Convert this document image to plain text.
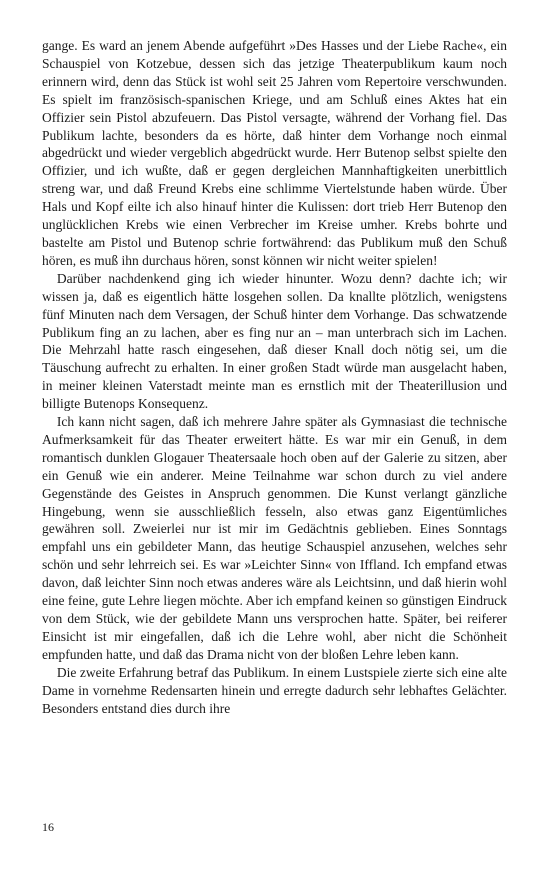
gange. Es ward an jenem Abende aufgeführt »Des Hasses und der Liebe Rache«, ein Schauspiel von Kotzebue, dessen sich das jetzige Theaterpublikum kaum noch erinnern wird, denn das Stück ist wohl seit 25 Jahren vom Repertoire verschwunden. Es spielt im französisch-spanischen Kriege, und am Schluß eines Aktes hat ein Offizier sein Pistol abzufeuern. Das Pistol versagte, während der Vorhang fiel. Das Publikum lachte, besonders da es hörte, daß hinter dem Vorhange noch einmal abgedrückt und wieder vergeblich abgedrückt wurde. Herr Butenop selbst spielte den Offizier, und ich wußte, daß er gegen dergleichen Mannhaftigkeiten unerbittlich streng war, und daß Freund Krebs eine schlimme Viertelstunde haben würde. Über Hals und Kopf eilte ich also hinauf hinter die Kulissen: dort trieb Herr Butenop den unglücklichen Krebs wie einen Verbrecher im Kreise umher. Krebs bohrte und bastelte am Pistol und Butenop schrie fortwährend: das Publikum muß den Schuß hören, es muß ihn durchaus hören, sonst können wir nicht weiter spielen!

Darüber nachdenkend ging ich wieder hinunter. Wozu denn? dachte ich; wir wissen ja, daß es eigentlich hätte losgehen sollen. Da knallte plötzlich, wenigstens fünf Minuten nach dem Versagen, der Schuß hinter dem Vorhange. Das schwatzende Publikum fing an zu lachen, aber es fing nur an – man unterbrach sich im Lachen. Die Mehrzahl hatte rasch eingesehen, daß dieser Knall doch nötig sei, um die Täuschung aufrecht zu erhalten. In einer großen Stadt würde man ausgelacht haben, in meiner kleinen Vaterstadt meinte man es ernstlich mit der Theaterillusion und billigte Butenops Konsequenz.

Ich kann nicht sagen, daß ich mehrere Jahre später als Gymnasiast die technische Aufmerksamkeit für das Theater erweitert hätte. Es war mir ein Genuß, in dem romantisch dunklen Glogauer Theatersaale hoch oben auf der Galerie zu sitzen, aber ein Genuß wie ein anderer. Meine Teilnahme war schon durch zu viel andere Gegenstände des Geistes in Anspruch genommen. Die Kunst verlangt gänzliche Hingebung, wenn sie ausschließlich fesseln, also etwas ganz Eigentümliches gewähren soll. Zweierlei nur ist mir im Gedächtnis geblieben. Eines Sonntags empfahl uns ein gebildeter Mann, das heutige Schauspiel anzusehen, welches sehr schön und sehr lehrreich sei. Es war »Leichter Sinn« von Iffland. Ich empfand etwas davon, daß leichter Sinn noch etwas anderes wäre als Leichtsinn, und daß hierin wohl eine feine, gute Lehre liegen möchte. Aber ich empfand keinen so günstigen Eindruck von dem Stück, wie der gebildete Mann uns versprochen hatte. Später, bei reiferer Einsicht ist mir eingefallen, daß ich die Lehre wohl, aber nicht die Schönheit empfunden hatte, und daß das Drama nicht von der bloßen Lehre leben kann.

Die zweite Erfahrung betraf das Publikum. In einem Lustspiele zierte sich eine alte Dame in vornehme Redensarten hinein und erregte dadurch sehr lebhaftes Gelächter. Besonders entstand dies durch ihre

16
